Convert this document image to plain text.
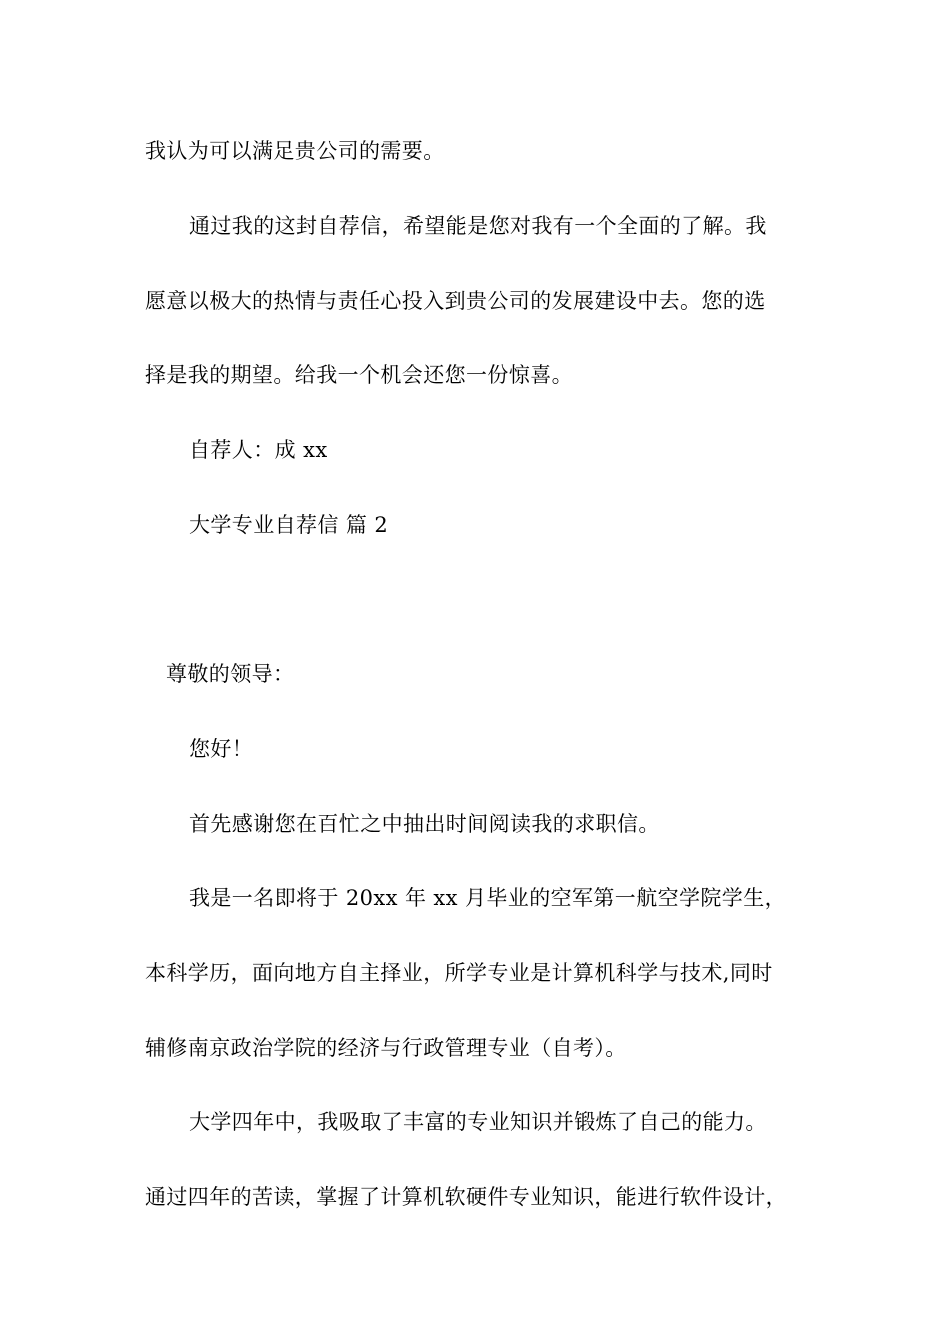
我认为可以满足贵公司的需要。
通过我的这封自荐信，希望能是您对我有一个全面的了解。我
愿意以极大的热情与责任心投入到贵公司的发展建设中去。您的选
择是我的期望。给我一个机会还您一份惊喜。
自荐人：成 xx
大学专业自荐信 篇 2
尊敬的领导：
您好！
首先感谢您在百忙之中抽出时间阅读我的求职信。
我是一名即将于 20xx 年 xx 月毕业的空军第一航空学院学生，
本科学历，面向地方自主择业，所学专业是计算机科学与技术,同时
辅修南京政治学院的经济与行政管理专业（自考）。
大学四年中，我吸取了丰富的专业知识并锻炼了自己的能力。
通过四年的苦读，掌握了计算机软硬件专业知识，能进行软件设计，
